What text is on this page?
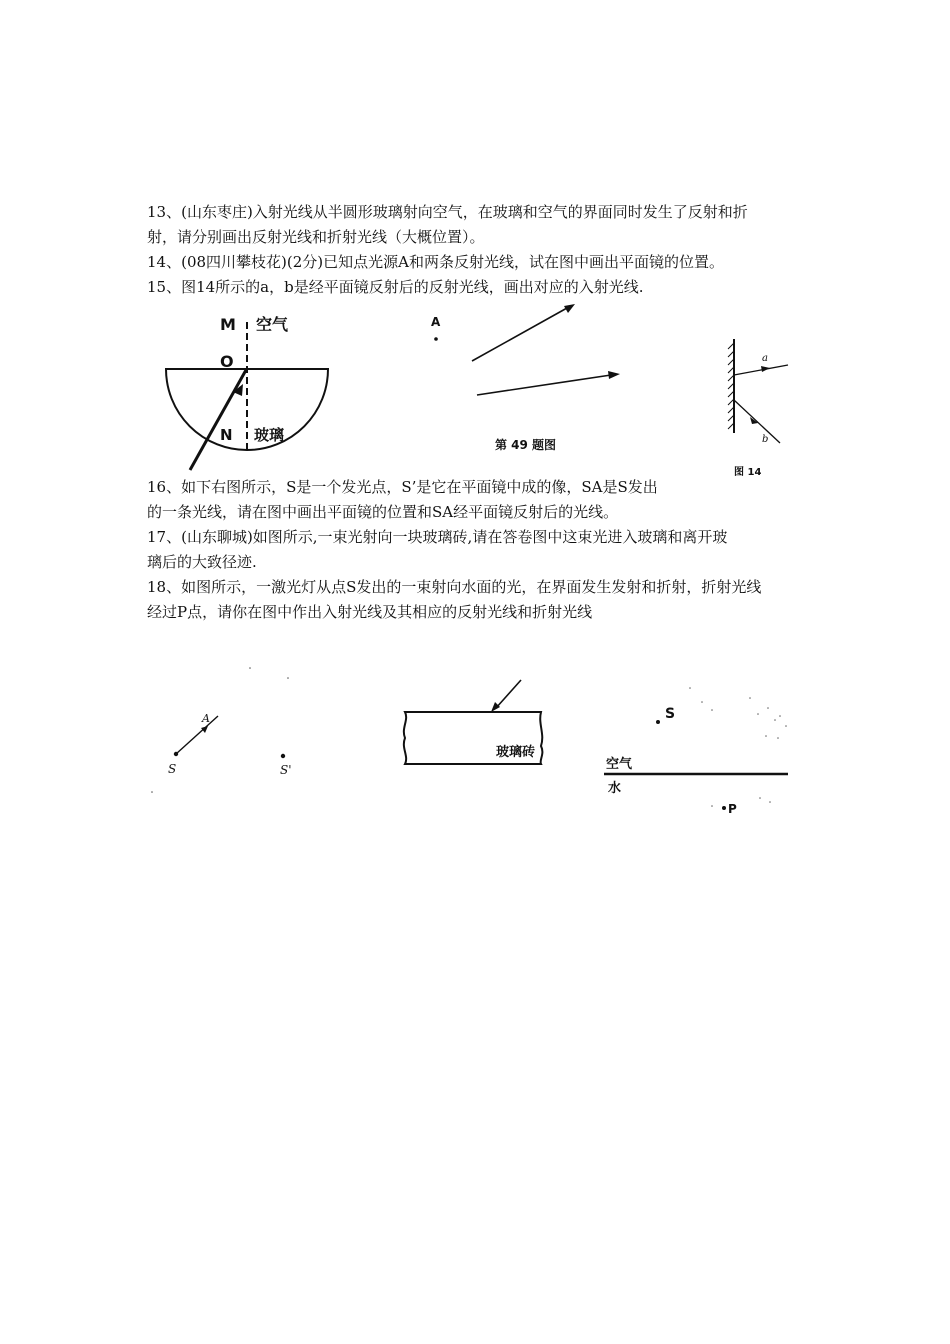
13、(山东枣庄)入射光线从半圆形玻璃射向空气，在玻璃和空气的界面同时发生了反射和折
射，请分别画出反射光线和折射光线（大概位置）。
14、(08四川攀枝花)(2分)已知点光源A和两条反射光线，试在图中画出平面镜的位置。
15、图14所示的a，b是经平面镜反射后的反射光线，画出对应的入射光线.
M 空气
O
N 玻璃
A
第 49 题图
a
b
图 14
16、如下右图所示，S是一个发光点，S’是它在平面镜中成的像，SA是S发出
的一条光线，请在图中画出平面镜的位置和SA经平面镜反射后的光线。
17、(山东聊城)如图所示,一束光射向一块玻璃砖,请在答卷图中这束光进入玻璃和离开玻
璃后的大致径迹.
18、如图所示，一激光灯从点S发出的一束射向水面的光，在界面发生发射和折射，折射光线
经过P点，请你在图中作出入射光线及其相应的反射光线和折射光线
A
S	S'
玻璃砖
S
空气
水
P
